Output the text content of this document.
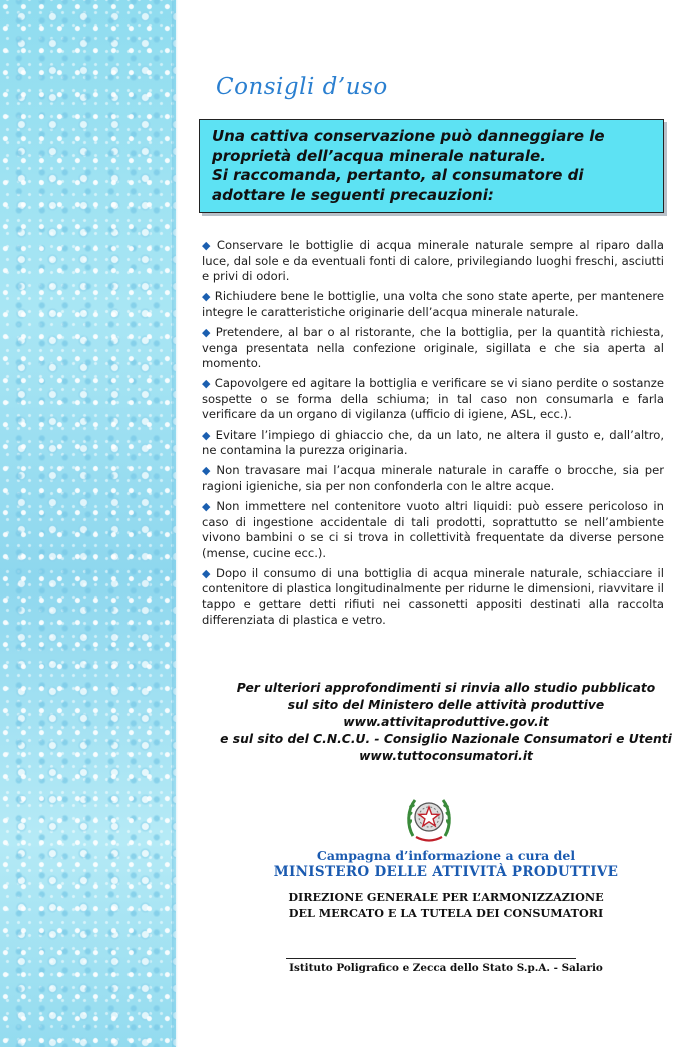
Consigli d’uso

Una cattiva conservazione può danneggiare le

proprietà dell’acqua minerale naturale.

Si raccomanda, pertanto, al consumatore di

adottare le seguenti precauzioni:

◆ Conservare le bottiglie di acqua minerale naturale sempre al riparo dalla luce, dal sole e da eventuali fonti di calore, privilegiando luoghi freschi, asciutti e privi di odori.
◆ Richiudere bene le bottiglie, una volta che sono state aperte, per mantenere integre le caratteristiche originarie dell’acqua minerale naturale.
◆ Pretendere, al bar o al ristorante, che la bottiglia, per la quantità richiesta, venga presentata nella confezione originale, sigillata e che sia aperta al momento.
◆ Capovolgere ed agitare la bottiglia e verificare se vi siano perdite o sostanze sospette o se forma della schiuma; in tal caso non consumarla e farla verificare da un organo di vigilanza (ufficio di igiene, ASL, ecc.).
◆ Evitare l’impiego di ghiaccio che, da un lato, ne altera il gusto e, dall’altro, ne contamina la purezza originaria.
◆ Non travasare mai l’acqua minerale naturale in caraffe o brocche, sia per ragioni igieniche, sia per non confonderla con le altre acque.
◆ Non immettere nel contenitore vuoto altri liquidi: può essere pericoloso in caso di ingestione accidentale di tali prodotti, soprattutto se nell’ambiente vivono bambini o se ci si trova in collettività frequentate da diverse persone (mense, cucine ecc.).
◆ Dopo il consumo di una bottiglia di acqua minerale naturale, schiacciare il contenitore di plastica longitudinalmente per ridurne le dimensioni, riavvitare il tappo e gettare detti rifiuti nei cassonetti appositi destinati alla raccolta differenziata di plastica e vetro.
Per ulteriori approfondimenti si rinvia allo studio pubblicato
sul sito del Ministero delle attività produttive
www.attivitaproduttive.gov.it
e sul sito del C.N.C.U. - Consiglio Nazionale Consumatori e Utenti
www.tuttoconsumatori.it
Campagna d’informazione a cura del
MINISTERO DELLE ATTIVITÀ PRODUTTIVE
DIREZIONE GENERALE PER L’ARMONIZZAZIONE
DEL MERCATO E LA TUTELA DEI CONSUMATORI
Istituto Poligrafico e Zecca dello Stato S.p.A. - Salario
